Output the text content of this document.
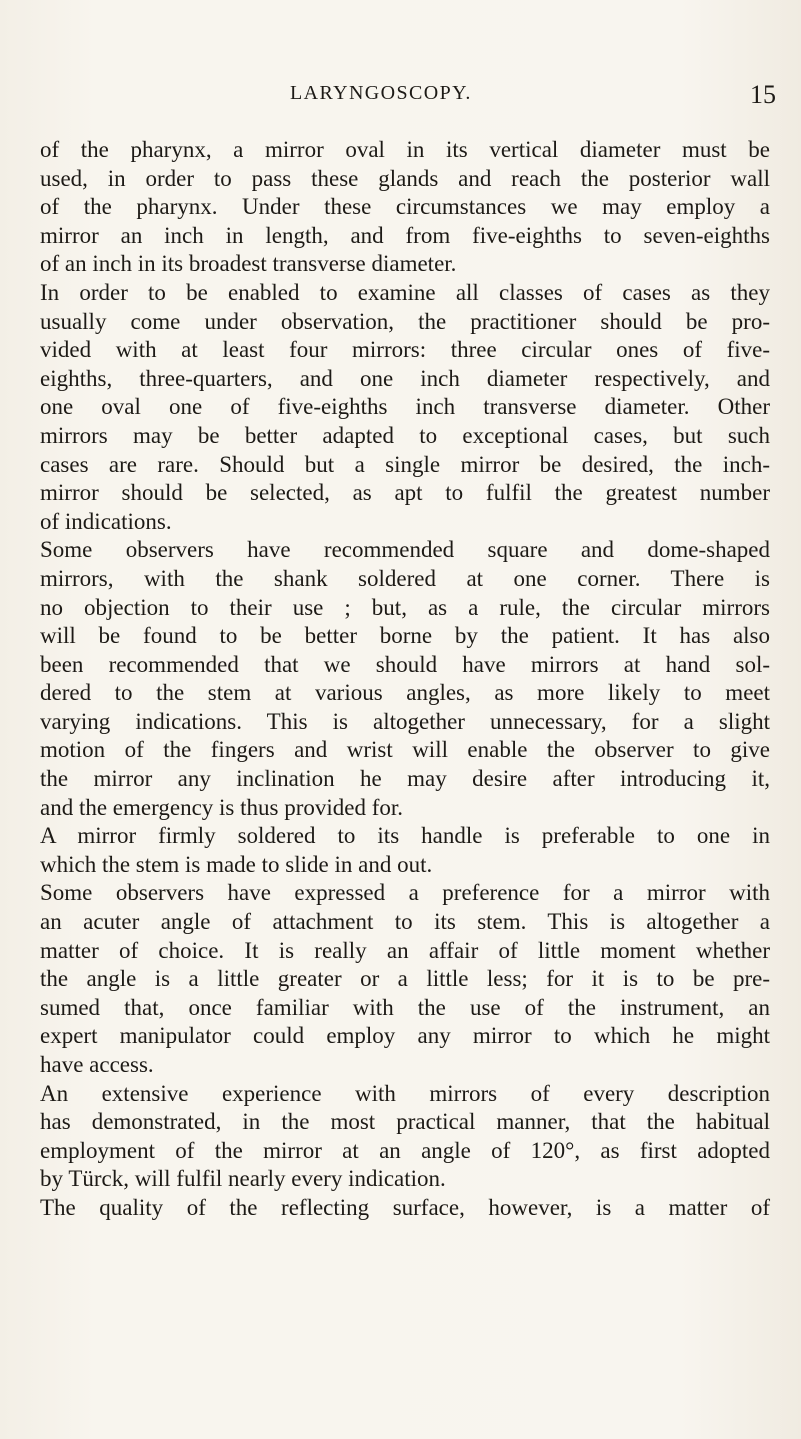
LARYNGOSCOPY.	15
of the pharynx, a mirror oval in its vertical diameter must be
used, in order to pass these glands and reach the posterior wall
of the pharynx. Under these circumstances we may employ a
mirror an inch in length, and from five-eighths to seven-eighths
of an inch in its broadest transverse diameter.
In order to be enabled to examine all classes of cases as they
usually come under observation, the practitioner should be pro-
vided with at least four mirrors: three circular ones of five-
eighths, three-quarters, and one inch diameter respectively, and
one oval one of five-eighths inch transverse diameter. Other
mirrors may be better adapted to exceptional cases, but such
cases are rare. Should but a single mirror be desired, the inch-
mirror should be selected, as apt to fulfil the greatest number
of indications.
Some observers have recommended square and dome-shaped
mirrors, with the shank soldered at one corner. There is
no objection to their use ; but, as a rule, the circular mirrors
will be found to be better borne by the patient. It has also
been recommended that we should have mirrors at hand sol-
dered to the stem at various angles, as more likely to meet
varying indications. This is altogether unnecessary, for a slight
motion of the fingers and wrist will enable the observer to give
the mirror any inclination he may desire after introducing it,
and the emergency is thus provided for.
A mirror firmly soldered to its handle is preferable to one in
which the stem is made to slide in and out.
Some observers have expressed a preference for a mirror with
an acuter angle of attachment to its stem. This is altogether a
matter of choice. It is really an affair of little moment whether
the angle is a little greater or a little less; for it is to be pre-
sumed that, once familiar with the use of the instrument, an
expert manipulator could employ any mirror to which he might
have access.
An extensive experience with mirrors of every description
has demonstrated, in the most practical manner, that the habitual
employment of the mirror at an angle of 120°, as first adopted
by Türck, will fulfil nearly every indication.
The quality of the reflecting surface, however, is a matter of
